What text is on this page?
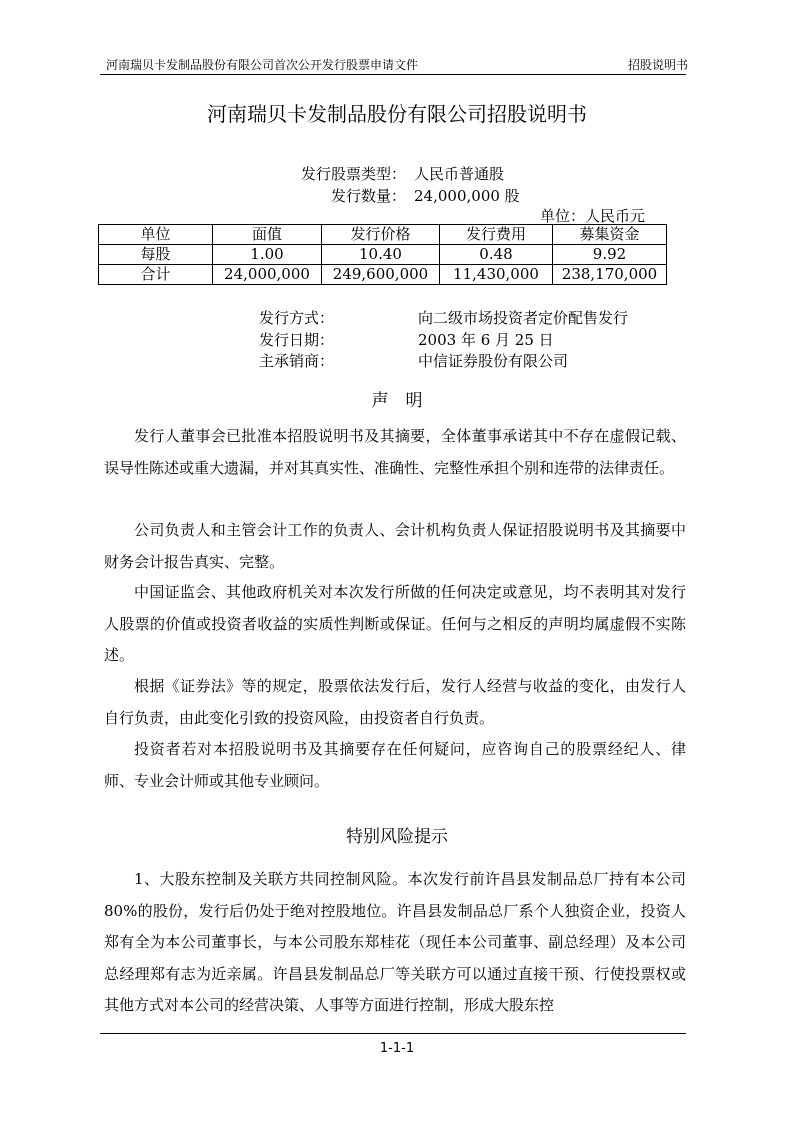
河南瑞贝卡发制品股份有限公司首次公开发行股票申请文件	招股说明书
河南瑞贝卡发制品股份有限公司招股说明书
发行股票类型： 人民币普通股
发行数量： 24,000,000 股
单位：人民币元
单位	面值	发行价格	发行费用	募集资金
每股	1.00	10.40	0.48	9.92
合计	24,000,000	249,600,000	11,430,000	238,170,000
发行方式：	向二级市场投资者定价配售发行
发行日期：	2003 年 6 月 25 日
主承销商：	中信证券股份有限公司
声　明

发行人董事会已批准本招股说明书及其摘要，全体董事承诺其中不存在虚假记载、误导性陈述或重大遗漏，并对其真实性、准确性、完整性承担个别和连带的法律责任。

公司负责人和主管会计工作的负责人、会计机构负责人保证招股说明书及其摘要中财务会计报告真实、完整。

中国证监会、其他政府机关对本次发行所做的任何决定或意见，均不表明其对发行人股票的价值或投资者收益的实质性判断或保证。任何与之相反的声明均属虚假不实陈述。

根据《证券法》等的规定，股票依法发行后，发行人经营与收益的变化，由发行人自行负责，由此变化引致的投资风险，由投资者自行负责。

投资者若对本招股说明书及其摘要存在任何疑问，应咨询自己的股票经纪人、律师、专业会计师或其他专业顾问。

特别风险提示

1、大股东控制及关联方共同控制风险。本次发行前许昌县发制品总厂持有本公司 80%的股份，发行后仍处于绝对控股地位。许昌县发制品总厂系个人独资企业，投资人郑有全为本公司董事长，与本公司股东郑桂花（现任本公司董事、副总经理）及本公司总经理郑有志为近亲属。许昌县发制品总厂等关联方可以通过直接干预、行使投票权或其他方式对本公司的经营决策、人事等方面进行控制，形成大股东控

1-1-1
